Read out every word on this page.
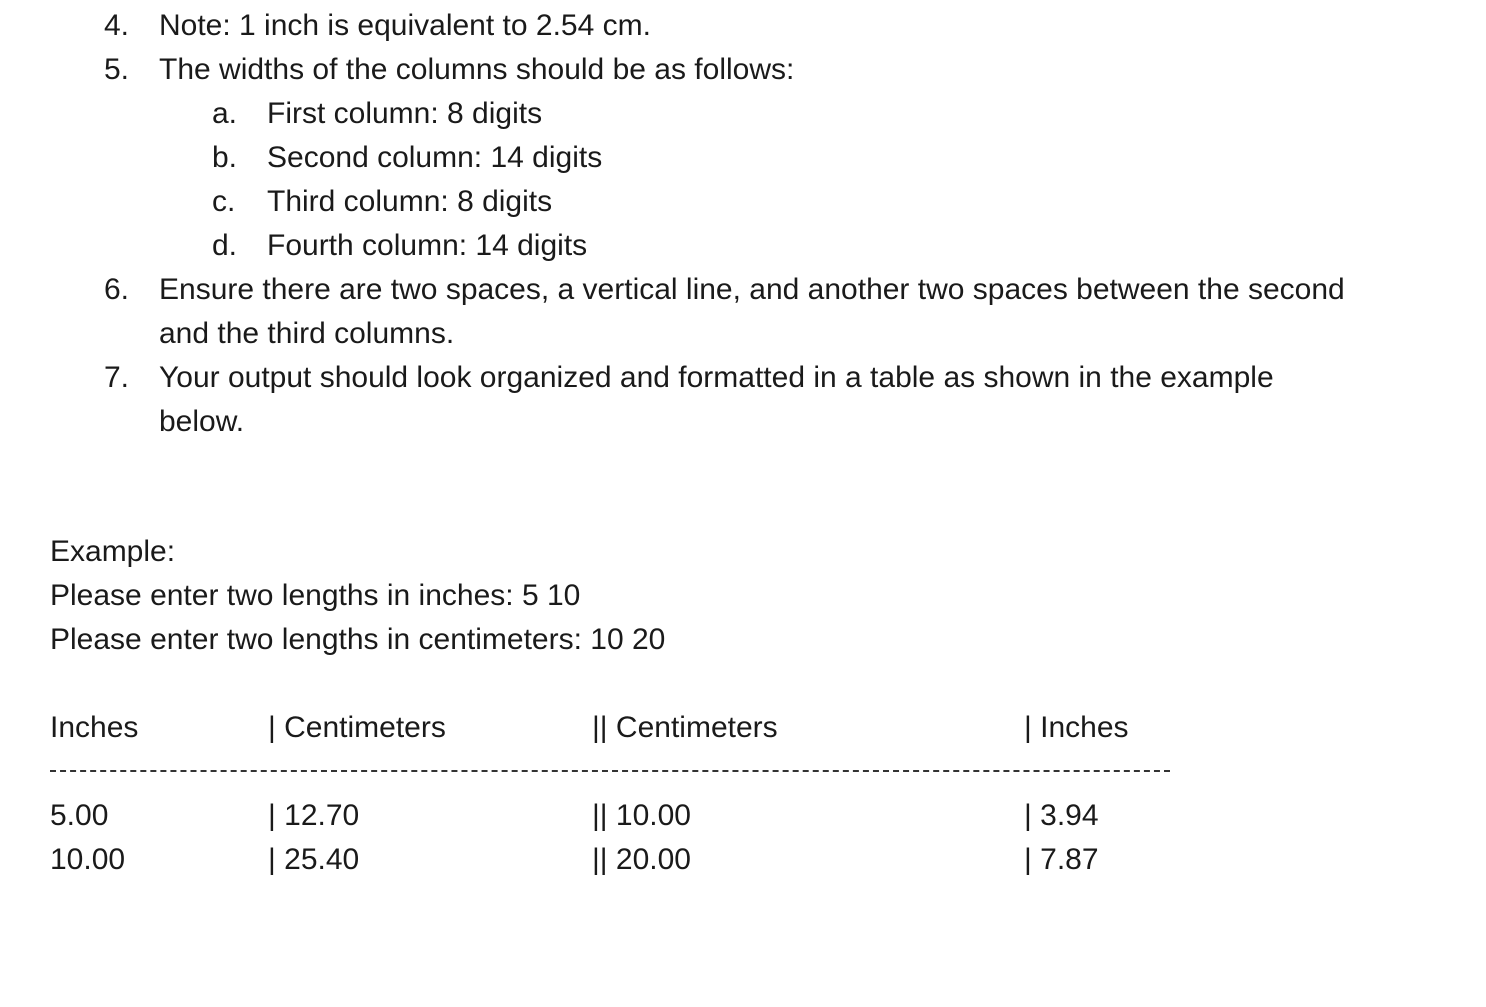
4. Note: 1 inch is equivalent to 2.54 cm.
5. The widths of the columns should be as follows:
a. First column: 8 digits
b. Second column: 14 digits
c. Third column: 8 digits
d. Fourth column: 14 digits
6. Ensure there are two spaces, a vertical line, and another two spaces between the second
and the third columns.
7. Your output should look organized and formatted in a table as shown in the example
below.
Example:
Please enter two lengths in inches: 5 10
Please enter two lengths in centimeters: 10 20
Inches	| Centimeters	|| Centimeters	| Inches
5.00	| 12.70	|| 10.00	| 3.94
10.00	| 25.40	|| 20.00	| 7.87
